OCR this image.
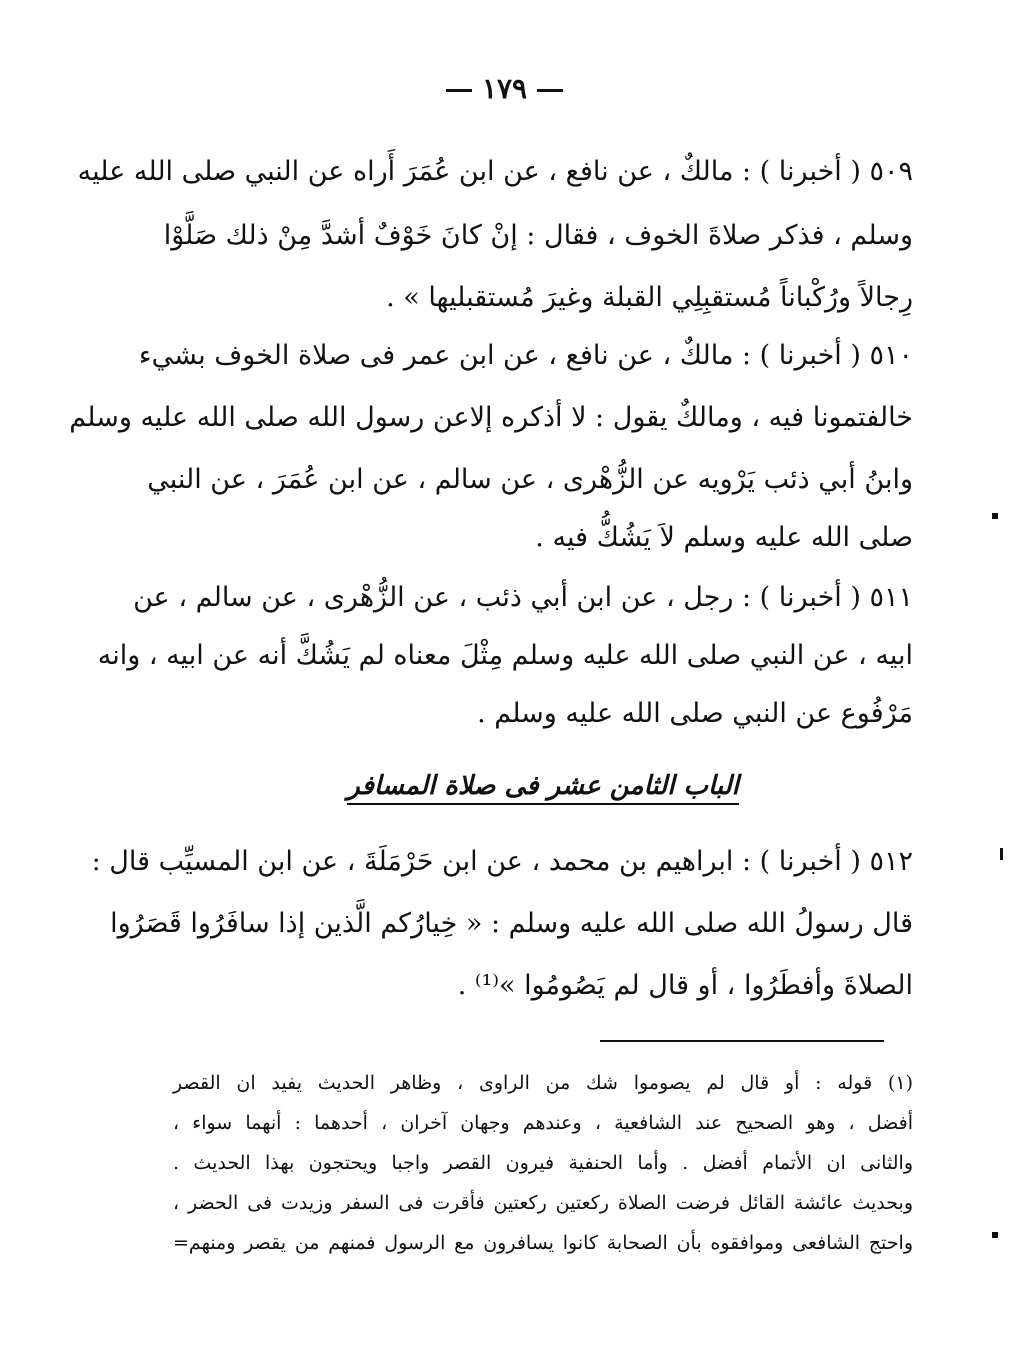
١٧٩
٥٠٩ ( أخبرنا ) : مالكٌ ، عن نافع ، عن ابن عُمَرَ أَراه عن النبي صلى الله عليه
وسلم ، فذكر صلاةَ الخوف ، فقال : إنْ كانَ خَوْفٌ أشدَّ مِنْ ذلك صَلَّوْا
رِجالاً ورُكْباناً مُستقبِلِي القبلة وغيرَ مُستقبليها » .
٥١٠ ( أخبرنا ) : مالكٌ ، عن نافع ، عن ابن عمر فى صلاة الخوف بشيء
خالفتمونا فيه ، ومالكٌ يقول : لا أذكره إلاعن رسول الله صلى الله عليه وسلم
وابنُ أبي ذئب يَرْويه عن الزُّهْرى ، عن سالم ، عن ابن عُمَرَ ، عن النبي
صلى الله عليه وسلم لاَ يَشُكُّ فيه .
٥١١ ( أخبرنا ) : رجل ، عن ابن أبي ذئب ، عن الزُّهْرى ، عن سالم ، عن
ابيه ، عن النبي صلى الله عليه وسلم مِثْلَ معناه لم يَشُكَّ أنه عن ابيه ، وانه
مَرْفُوع عن النبي صلى الله عليه وسلم .
الباب الثامن عشر فى صلاة المسافر
٥١٢ ( أخبرنا ) : ابراهيم بن محمد ، عن ابن حَرْمَلَةَ ، عن ابن المسيِّب قال :
قال رسولُ الله صلى الله عليه وسلم : « خِيارُكم الَّذين إذا سافَرُوا قَصَرُوا
الصلاةَ وأفطَرُوا ، أو قال لم يَصُومُوا »⁽¹⁾ .
(١) قوله : أو قال لم يصوموا شك من الراوى ، وظاهر الحديث يفيد ان القصر
أفضل ، وهو الصحيح عند الشافعية ، وعندهم وجهان آخران ، أحدهما : أنهما سواء ،
والثانى ان الأتمام أفضل . وأما الحنفية فيرون القصر واجبا ويحتجون بهذا الحديث .
وبحديث عائشة القائل فرضت الصلاة ركعتين ركعتين فأقرت فى السفر وزيدت فى الحضر ،
واحتج الشافعى وموافقوه بأن الصحابة كانوا يسافرون مع الرسول فمنهم من يقصر ومنهم=
